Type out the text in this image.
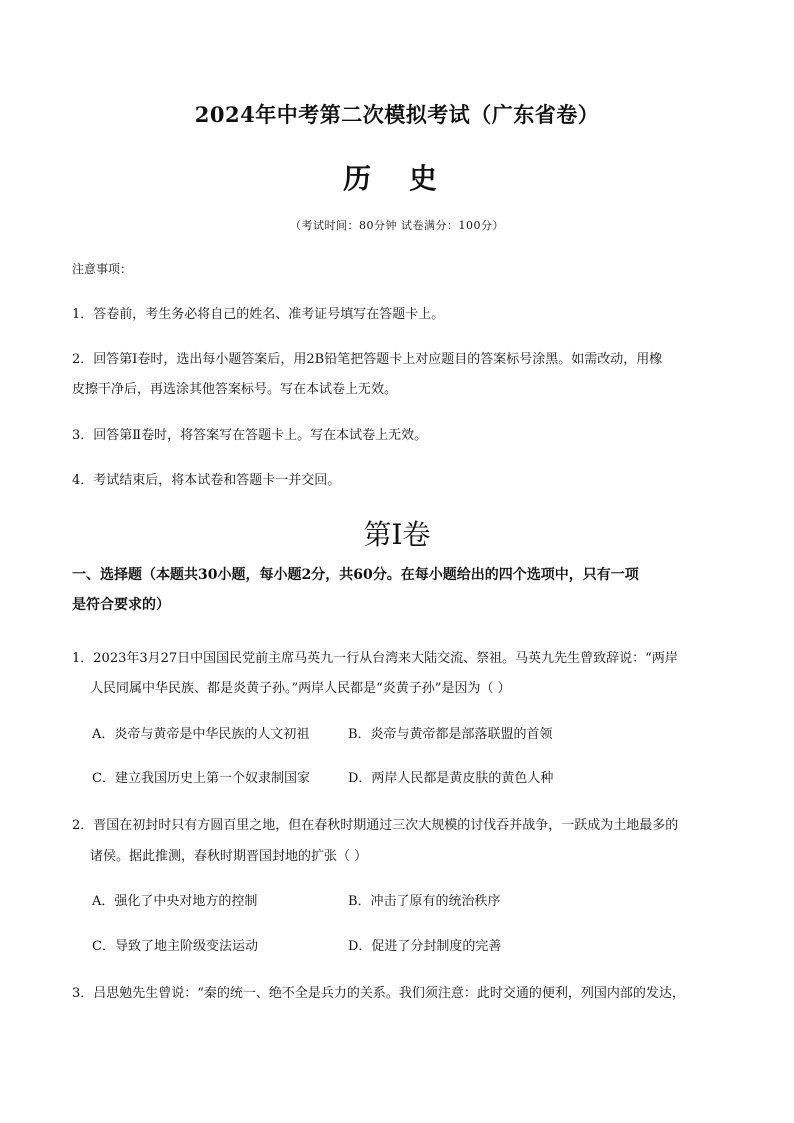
2024年中考第二次模拟考试（广东省卷）
历 史
（考试时间：80分钟 试卷满分：100分）
注意事项：
1．答卷前，考生务必将自己的姓名、准考证号填写在答题卡上。
2．回答第Ⅰ卷时，选出每小题答案后，用2B铅笔把答题卡上对应题目的答案标号涂黑。如需改动，用橡
皮擦干净后，再选涂其他答案标号。写在本试卷上无效。
3．回答第Ⅱ卷时，将答案写在答题卡上。写在本试卷上无效。
4．考试结束后，将本试卷和答题卡一并交回。
第Ⅰ卷
一、选择题（本题共30小题，每小题2分，共60分。在每小题给出的四个选项中，只有一项
是符合要求的）
1．2023年3月27日中国国民党前主席马英九一行从台湾来大陆交流、祭祖。马英九先生曾致辞说：“两岸
人民同属中华民族、都是炎黄子孙。”两岸人民都是“炎黄子孙”是因为（ ）
A．炎帝与黄帝是中华民族的人文初祖	B．炎帝与黄帝都是部落联盟的首领
C．建立我国历史上第一个奴隶制国家	D．两岸人民都是黄皮肤的黄色人种
2．晋国在初封时只有方圆百里之地，但在春秋时期通过三次大规模的讨伐吞并战争，一跃成为土地最多的
诸侯。据此推测，春秋时期晋国封地的扩张（ ）
A．强化了中央对地方的控制	B．冲击了原有的统治秩序
C．导致了地主阶级变法运动	D．促进了分封制度的完善
3．吕思勉先生曾说：“秦的统一、绝不全是兵力的关系。我们须注意：此时交通的便利，列国内部的发达，
